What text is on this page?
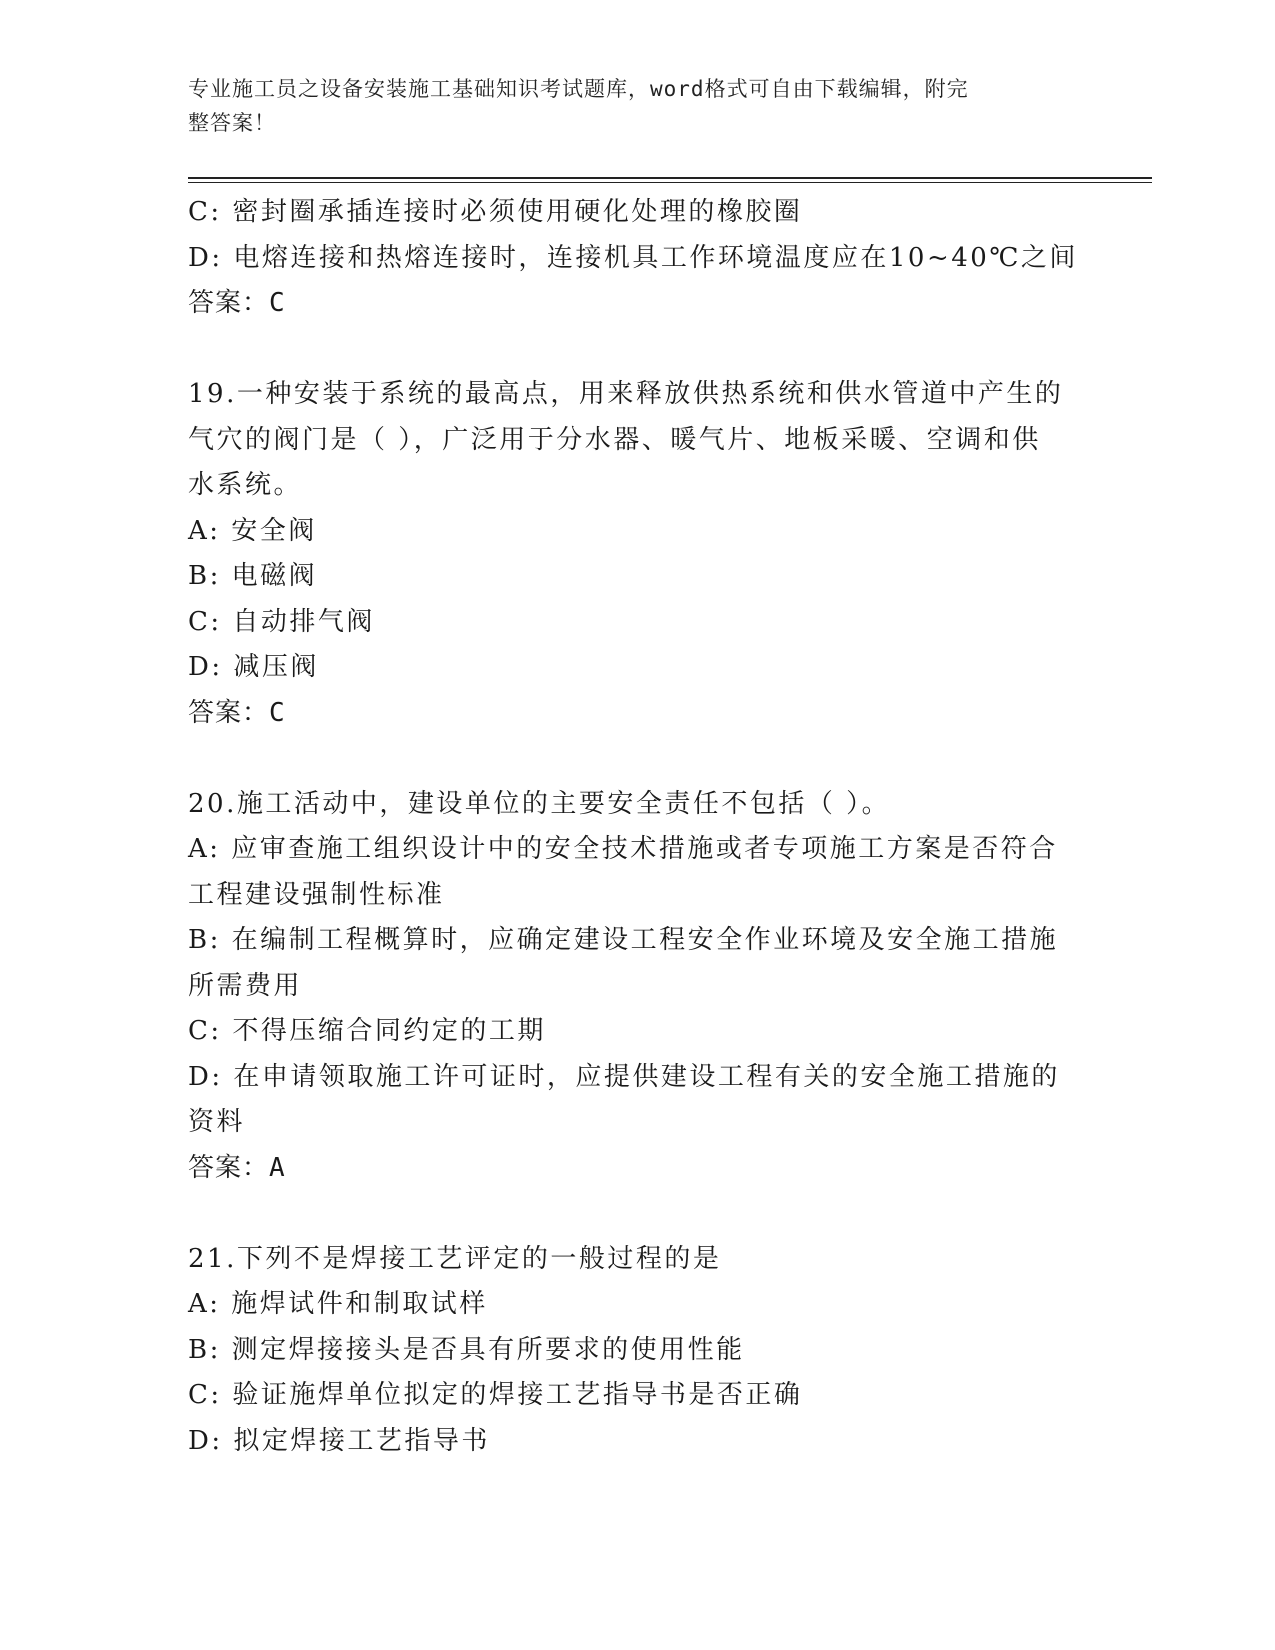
专业施工员之设备安装施工基础知识考试题库，word格式可自由下载编辑，附完
整答案！

C: 密封圈承插连接时必须使用硬化处理的橡胶圈

D: 电熔连接和热熔连接时，连接机具工作环境温度应在10~40℃之间

答案：C

19.一种安装于系统的最高点，用来释放供热系统和供水管道中产生的

气穴的阀门是（ ），广泛用于分水器、暖气片、地板采暖、空调和供

水系统。

A: 安全阀

B: 电磁阀

C: 自动排气阀

D: 减压阀

答案：C

20.施工活动中，建设单位的主要安全责任不包括（ ）。

A: 应审查施工组织设计中的安全技术措施或者专项施工方案是否符合

工程建设强制性标准

B: 在编制工程概算时，应确定建设工程安全作业环境及安全施工措施

所需费用

C: 不得压缩合同约定的工期

D: 在申请领取施工许可证时，应提供建设工程有关的安全施工措施的

资料

答案：A

21.下列不是焊接工艺评定的一般过程的是

A: 施焊试件和制取试样

B: 测定焊接接头是否具有所要求的使用性能

C: 验证施焊单位拟定的焊接工艺指导书是否正确

D: 拟定焊接工艺指导书
